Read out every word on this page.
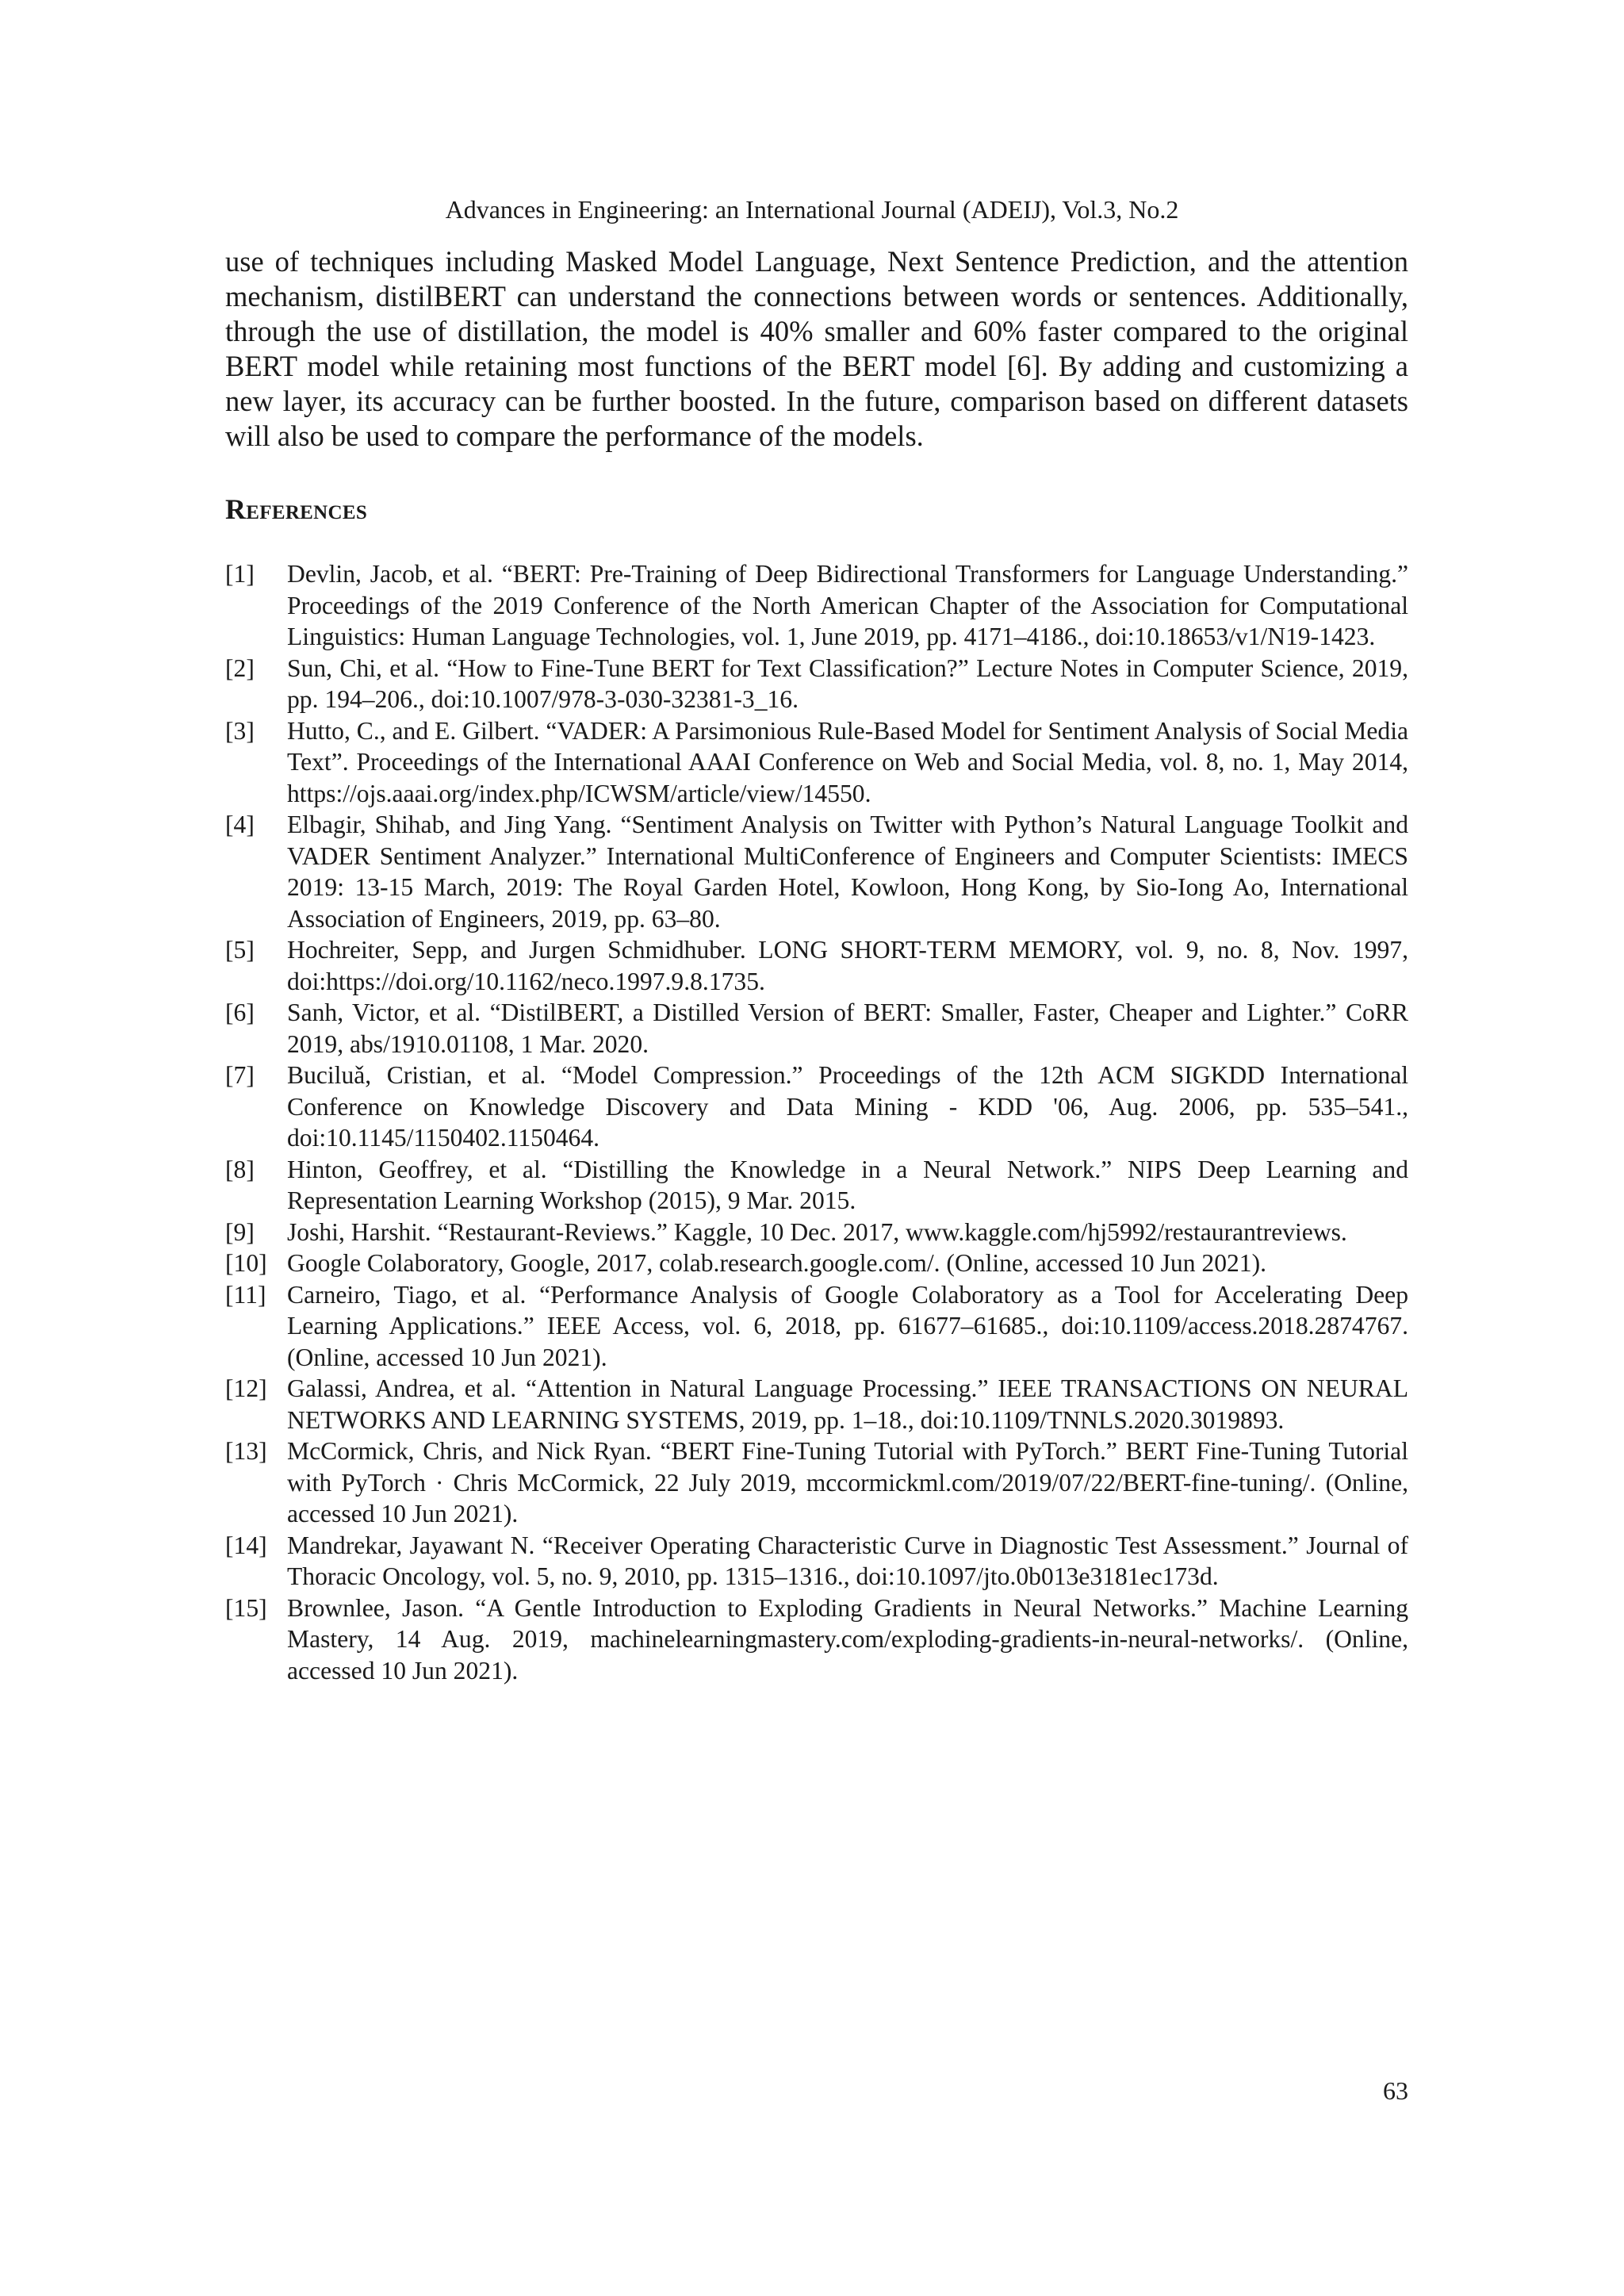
Advances in Engineering: an International Journal (ADEIJ), Vol.3, No.2

use of techniques including Masked Model Language, Next Sentence Prediction, and the attention mechanism, distilBERT can understand the connections between words or sentences. Additionally, through the use of distillation, the model is 40% smaller and 60% faster compared to the original BERT model while retaining most functions of the BERT model [6]. By adding and customizing a new layer, its accuracy can be further boosted. In the future, comparison based on different datasets will also be used to compare the performance of the models.

References
[1] Devlin, Jacob, et al. “BERT: Pre-Training of Deep Bidirectional Transformers for Language Understanding.” Proceedings of the 2019 Conference of the North American Chapter of the Association for Computational Linguistics: Human Language Technologies, vol. 1, June 2019, pp. 4171–4186., doi:10.18653/v1/N19-1423.
[2] Sun, Chi, et al. “How to Fine-Tune BERT for Text Classification?” Lecture Notes in Computer Science, 2019, pp. 194–206., doi:10.1007/978-3-030-32381-3_16.
[3] Hutto, C., and E. Gilbert. “VADER: A Parsimonious Rule-Based Model for Sentiment Analysis of Social Media Text”. Proceedings of the International AAAI Conference on Web and Social Media, vol. 8, no. 1, May 2014, https://ojs.aaai.org/index.php/ICWSM/article/view/14550.
[4] Elbagir, Shihab, and Jing Yang. “Sentiment Analysis on Twitter with Python’s Natural Language Toolkit and VADER Sentiment Analyzer.” International MultiConference of Engineers and Computer Scientists: IMECS 2019: 13-15 March, 2019: The Royal Garden Hotel, Kowloon, Hong Kong, by Sio-Iong Ao, International Association of Engineers, 2019, pp. 63–80.
[5] Hochreiter, Sepp, and Jurgen Schmidhuber. LONG SHORT-TERM MEMORY, vol. 9, no. 8, Nov. 1997, doi:https://doi.org/10.1162/neco.1997.9.8.1735.
[6] Sanh, Victor, et al. “DistilBERT, a Distilled Version of BERT: Smaller, Faster, Cheaper and Lighter.” CoRR 2019, abs/1910.01108, 1 Mar. 2020.
[7] Buciluǎ, Cristian, et al. “Model Compression.” Proceedings of the 12th ACM SIGKDD International Conference on Knowledge Discovery and Data Mining - KDD '06, Aug. 2006, pp. 535–541., doi:10.1145/1150402.1150464.
[8] Hinton, Geoffrey, et al. “Distilling the Knowledge in a Neural Network.” NIPS Deep Learning and Representation Learning Workshop (2015), 9 Mar. 2015.
[9] Joshi, Harshit. “Restaurant-Reviews.” Kaggle, 10 Dec. 2017, www.kaggle.com/hj5992/restaurantreviews.
[10] Google Colaboratory, Google, 2017, colab.research.google.com/. (Online, accessed 10 Jun 2021).
[11] Carneiro, Tiago, et al. “Performance Analysis of Google Colaboratory as a Tool for Accelerating Deep Learning Applications.” IEEE Access, vol. 6, 2018, pp. 61677–61685., doi:10.1109/access.2018.2874767. (Online, accessed 10 Jun 2021).
[12] Galassi, Andrea, et al. “Attention in Natural Language Processing.” IEEE TRANSACTIONS ON NEURAL NETWORKS AND LEARNING SYSTEMS, 2019, pp. 1–18., doi:10.1109/TNNLS.2020.3019893.
[13] McCormick, Chris, and Nick Ryan. “BERT Fine-Tuning Tutorial with PyTorch.” BERT Fine-Tuning Tutorial with PyTorch · Chris McCormick, 22 July 2019, mccormickml.com/2019/07/22/BERT-fine-tuning/. (Online, accessed 10 Jun 2021).
[14] Mandrekar, Jayawant N. “Receiver Operating Characteristic Curve in Diagnostic Test Assessment.” Journal of Thoracic Oncology, vol. 5, no. 9, 2010, pp. 1315–1316., doi:10.1097/jto.0b013e3181ec173d.
[15] Brownlee, Jason. “A Gentle Introduction to Exploding Gradients in Neural Networks.” Machine Learning Mastery, 14 Aug. 2019, machinelearningmastery.com/exploding-gradients-in-neural-networks/. (Online, accessed 10 Jun 2021).
63
